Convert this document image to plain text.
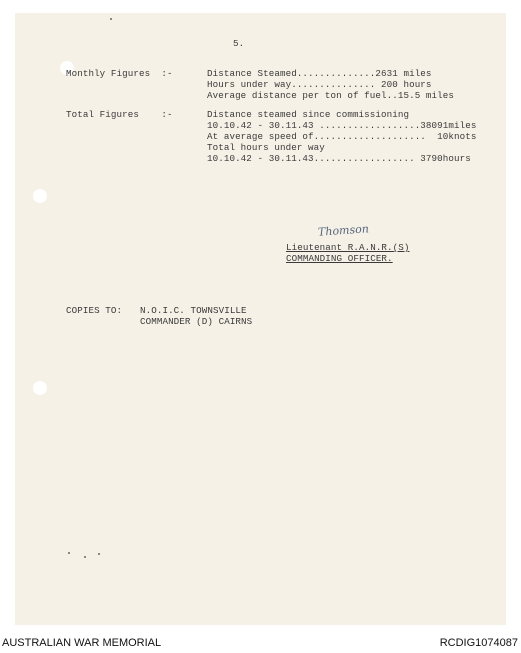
5.
Monthly Figures  :-	Distance Steamed..............2631 miles
Hours under way............... 200 hours
Average distance per ton of fuel..15.5 miles
Total Figures    :-	Distance steamed since commissioning
10.10.42 - 30.11.43 ..................38091miles
At average speed of....................  10knots
Total hours under way
10.10.42 - 30.11.43.................. 3790hours
Thomson
Lieutenant R.A.N.R.(S)
COMMANDING OFFICER.
COPIES TO: N.O.I.C. TOWNSVILLE
COMMANDER (D) CAIRNS
AUSTRALIAN WAR MEMORIAL	RCDIG1074087
